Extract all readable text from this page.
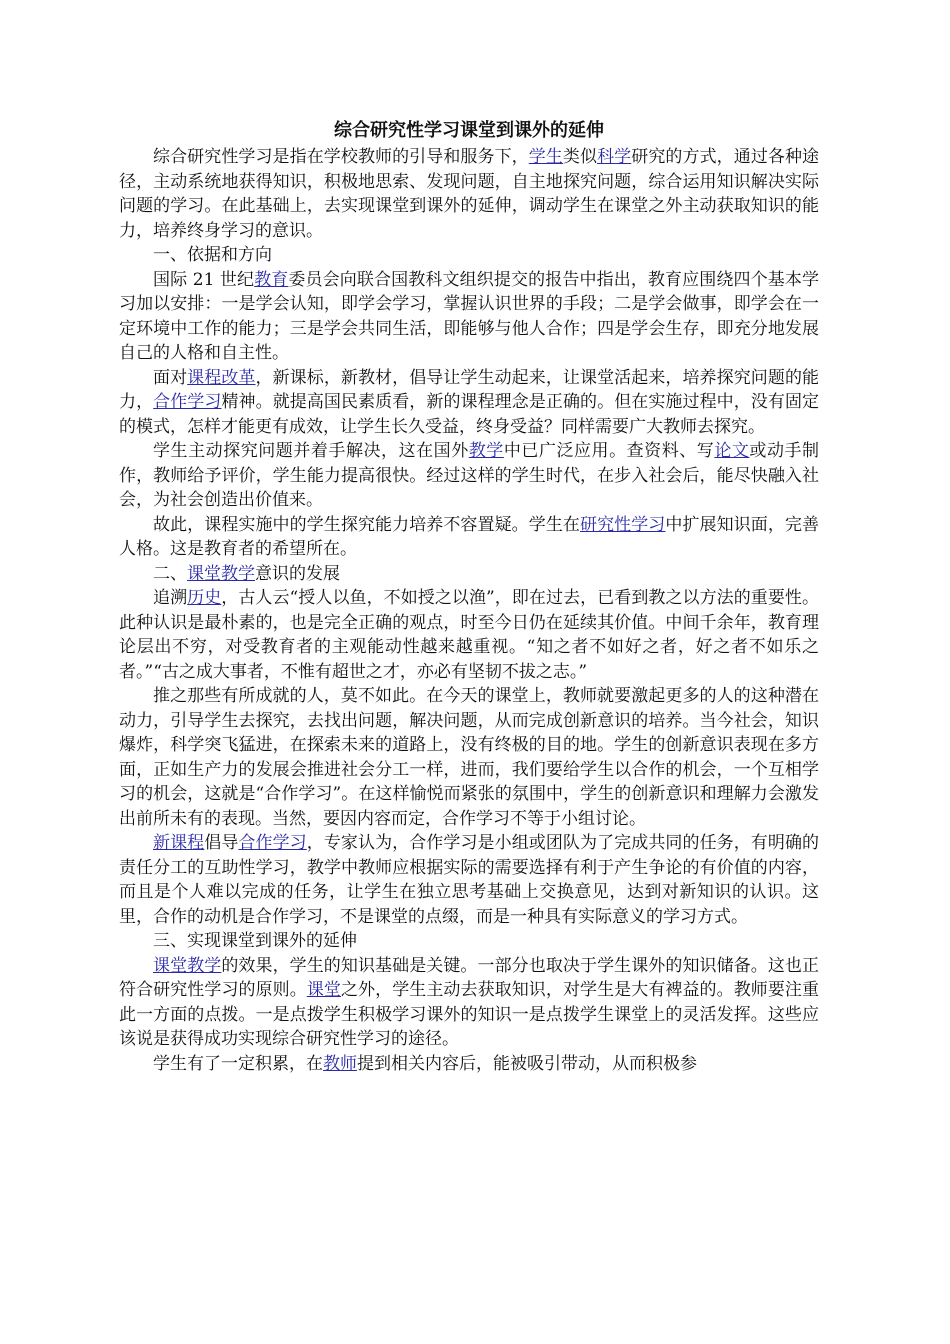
综合研究性学习课堂到课外的延伸

综合研究性学习是指在学校教师的引导和服务下，学生类似科学研究的方式，通过各种途径，主动系统地获得知识，积极地思索、发现问题，自主地探究问题，综合运用知识解决实际问题的学习。在此基础上，去实现课堂到课外的延伸，调动学生在课堂之外主动获取知识的能力，培养终身学习的意识。

一、依据和方向

国际 21 世纪教育委员会向联合国教科文组织提交的报告中指出，教育应围绕四个基本学习加以安排：一是学会认知，即学会学习，掌握认识世界的手段；二是学会做事，即学会在一定环境中工作的能力；三是学会共同生活，即能够与他人合作；四是学会生存，即充分地发展自己的人格和自主性。

面对课程改革，新课标，新教材，倡导让学生动起来，让课堂活起来，培养探究问题的能力，合作学习精神。就提高国民素质看，新的课程理念是正确的。但在实施过程中，没有固定的模式，怎样才能更有成效，让学生长久受益，终身受益？同样需要广大教师去探究。

学生主动探究问题并着手解决，这在国外教学中已广泛应用。查资料、写论文或动手制作，教师给予评价，学生能力提高很快。经过这样的学生时代，在步入社会后，能尽快融入社会，为社会创造出价值来。

故此，课程实施中的学生探究能力培养不容置疑。学生在研究性学习中扩展知识面，完善人格。这是教育者的希望所在。

二、课堂教学意识的发展

追溯历史，古人云“授人以鱼，不如授之以渔”，即在过去，已看到教之以方法的重要性。此种认识是最朴素的，也是完全正确的观点，时至今日仍在延续其价值。中间千余年，教育理论层出不穷，对受教育者的主观能动性越来越重视。“知之者不如好之者，好之者不如乐之者。”“古之成大事者，不惟有超世之才，亦必有坚韧不拔之志。”

推之那些有所成就的人，莫不如此。在今天的课堂上，教师就要激起更多的人的这种潜在动力，引导学生去探究，去找出问题，解决问题，从而完成创新意识的培养。当今社会，知识爆炸，科学突飞猛进，在探索未来的道路上，没有终极的目的地。学生的创新意识表现在多方面，正如生产力的发展会推进社会分工一样，进而，我们要给学生以合作的机会，一个互相学习的机会，这就是“合作学习”。在这样愉悦而紧张的氛围中，学生的创新意识和理解力会激发出前所未有的表现。当然，要因内容而定，合作学习不等于小组讨论。

新课程倡导合作学习，专家认为，合作学习是小组或团队为了完成共同的任务，有明确的责任分工的互助性学习，教学中教师应根据实际的需要选择有利于产生争论的有价值的内容，而且是个人难以完成的任务，让学生在独立思考基础上交换意见，达到对新知识的认识。这里，合作的动机是合作学习，不是课堂的点缀，而是一种具有实际意义的学习方式。

三、实现课堂到课外的延伸

课堂教学的效果，学生的知识基础是关键。一部分也取决于学生课外的知识储备。这也正符合研究性学习的原则。课堂之外，学生主动去获取知识，对学生是大有裨益的。教师要注重此一方面的点拨。一是点拨学生积极学习课外的知识一是点拨学生课堂上的灵活发挥。这些应该说是获得成功实现综合研究性学习的途径。

学生有了一定积累，在教师提到相关内容后，能被吸引带动，从而积极参
